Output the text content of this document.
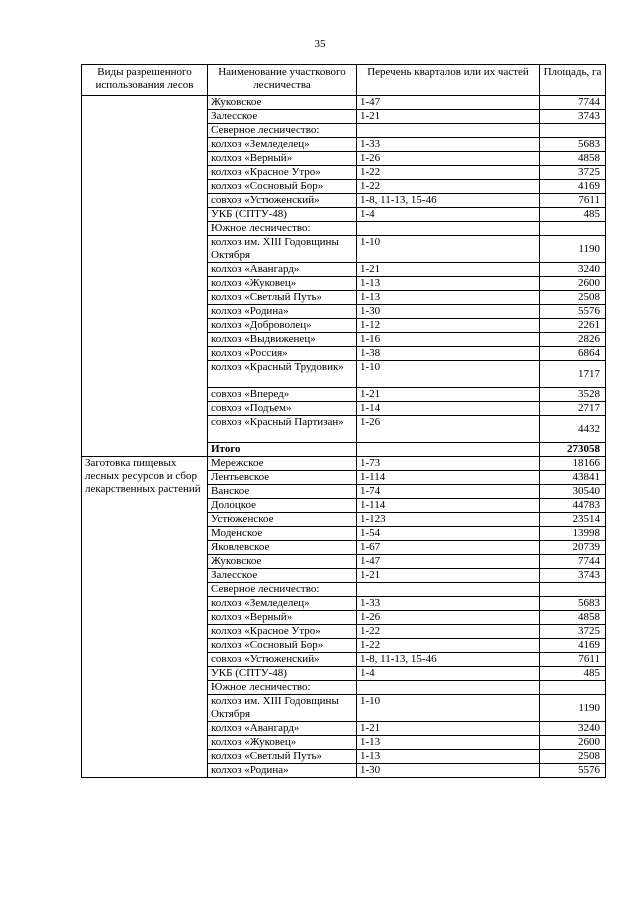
35
Виды разрешенного использования лесов	Наименование участкового лесничества	Перечень кварталов или их частей	Площадь, га
	Жуковское	1-47	7744
	Залесское	1-21	3743
	Северное лесничество:		
	колхоз «Земледелец»	1-33	5683
	колхоз «Верный»	1-26	4858
	колхоз «Красное Утро»	1-22	3725
	колхоз «Сосновый Бор»	1-22	4169
	совхоз «Устюженский»	1-8, 11-13, 15-46	7611
	УКБ (СПТУ-48)	1-4	485
	Южное лесничество:		
	колхоз им. XIII Годовщины Октября	1-10	1190
	колхоз «Авангард»	1-21	3240
	колхоз «Жуковец»	1-13	2600
	колхоз «Светлый Путь»	1-13	2508
	колхоз «Родина»	1-30	5576
	колхоз «Доброволец»	1-12	2261
	колхоз «Выдвиженец»	1-16	2826
	колхоз «Россия»	1-38	6864
	колхоз «Красный Трудовик»	1-10	1717
	совхоз «Вперед»	1-21	3528
	совхоз «Подъем»	1-14	2717
	совхоз «Красный Партизан»	1-26	4432
	Итого		273058
Заготовка пищевых лесных ресурсов и сбор лекарственных растений	Мережское	1-73	18166
	Лентьевское	1-114	43841
	Ванское	1-74	30540
	Долоцкое	1-114	44783
	Устюженское	1-123	23514
	Моденское	1-54	13998
	Яковлевское	1-67	20739
	Жуковское	1-47	7744
	Залесское	1-21	3743
	Северное лесничество:		
	колхоз «Земледелец»	1-33	5683
	колхоз «Верный»	1-26	4858
	колхоз «Красное Утро»	1-22	3725
	колхоз «Сосновый Бор»	1-22	4169
	совхоз «Устюженский»	1-8, 11-13, 15-46	7611
	УКБ (СПТУ-48)	1-4	485
	Южное лесничество:		
	колхоз им. XIII Годовщины Октября	1-10	1190
	колхоз «Авангард»	1-21	3240
	колхоз «Жуковец»	1-13	2600
	колхоз «Светлый Путь»	1-13	2508
	колхоз «Родина»	1-30	5576
